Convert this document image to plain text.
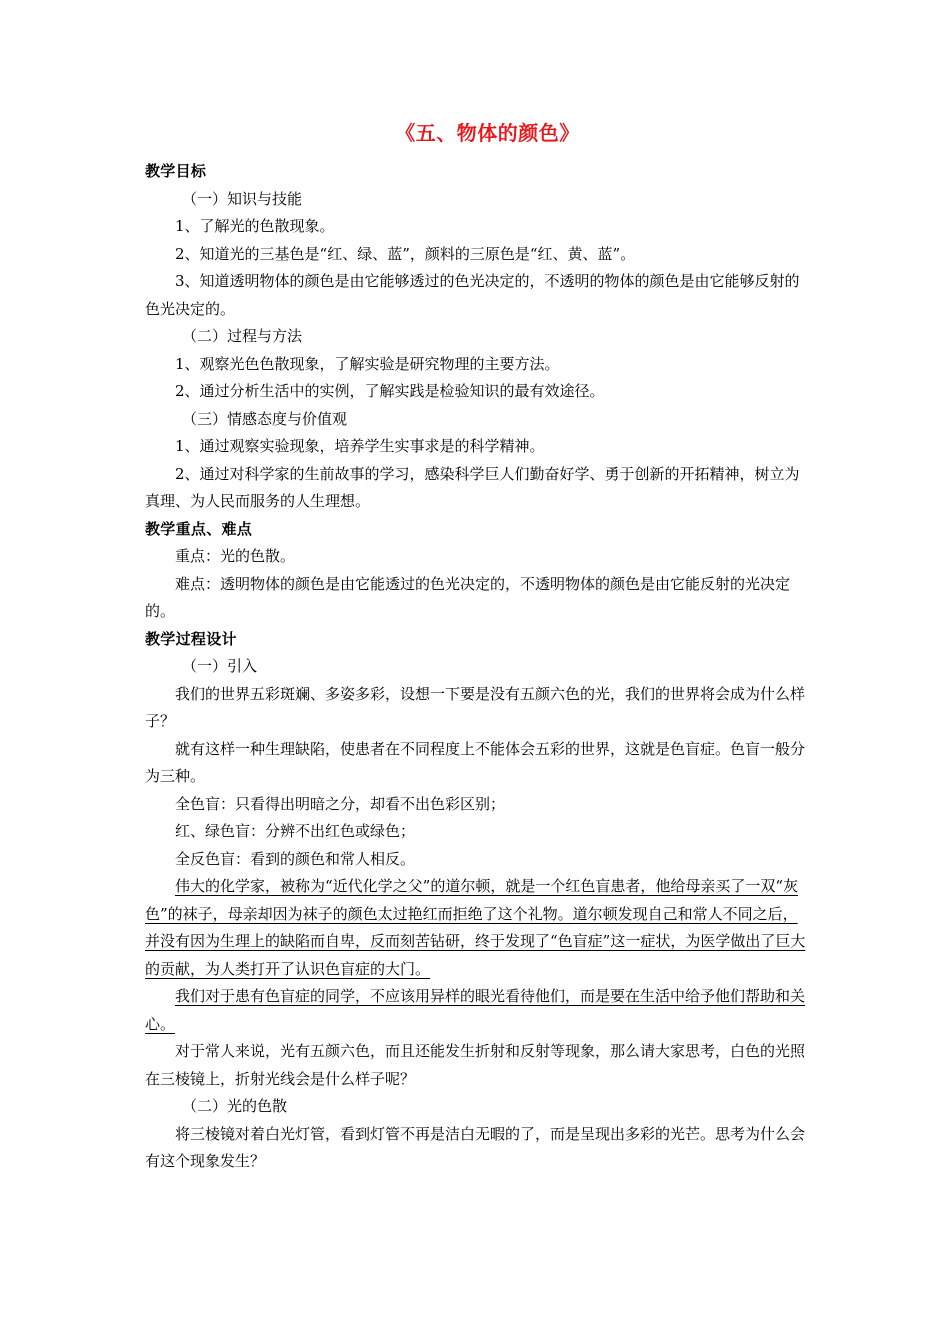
《五、物体的颜色》
教学目标

（一）知识与技能

1、了解光的色散现象。

2、知道光的三基色是“红、绿、蓝”，颜料的三原色是“红、黄、蓝”。

3、知道透明物体的颜色是由它能够透过的色光决定的，不透明的物体的颜色是由它能够反射的色光决定的。

（二）过程与方法

1、观察光色色散现象，了解实验是研究物理的主要方法。

2、通过分析生活中的实例，了解实践是检验知识的最有效途径。

（三）情感态度与价值观

1、通过观察实验现象，培养学生实事求是的科学精神。

2、通过对科学家的生前故事的学习，感染科学巨人们勤奋好学、勇于创新的开拓精神，树立为真理、为人民而服务的人生理想。

教学重点、难点

重点：光的色散。

难点：透明物体的颜色是由它能透过的色光决定的，不透明物体的颜色是由它能反射的光决定的。

教学过程设计

（一）引入

我们的世界五彩斑斓、多姿多彩，设想一下要是没有五颜六色的光，我们的世界将会成为什么样子？

就有这样一种生理缺陷，使患者在不同程度上不能体会五彩的世界，这就是色盲症。色盲一般分为三种。

全色盲：只看得出明暗之分，却看不出色彩区别；

红、绿色盲：分辨不出红色或绿色；

全反色盲：看到的颜色和常人相反。

伟大的化学家，被称为“近代化学之父”的道尔顿，就是一个红色盲患者，他给母亲买了一双“灰色”的袜子，母亲却因为袜子的颜色太过艳红而拒绝了这个礼物。道尔顿发现自己和常人不同之后，并没有因为生理上的缺陷而自卑，反而刻苦钻研，终于发现了“色盲症”这一症状，为医学做出了巨大的贡献，为人类打开了认识色盲症的大门。

我们对于患有色盲症的同学，不应该用异样的眼光看待他们，而是要在生活中给予他们帮助和关心。

对于常人来说，光有五颜六色，而且还能发生折射和反射等现象，那么请大家思考，白色的光照在三棱镜上，折射光线会是什么样子呢？

（二）光的色散

将三棱镜对着白光灯管，看到灯管不再是洁白无暇的了，而是呈现出多彩的光芒。思考为什么会有这个现象发生？
